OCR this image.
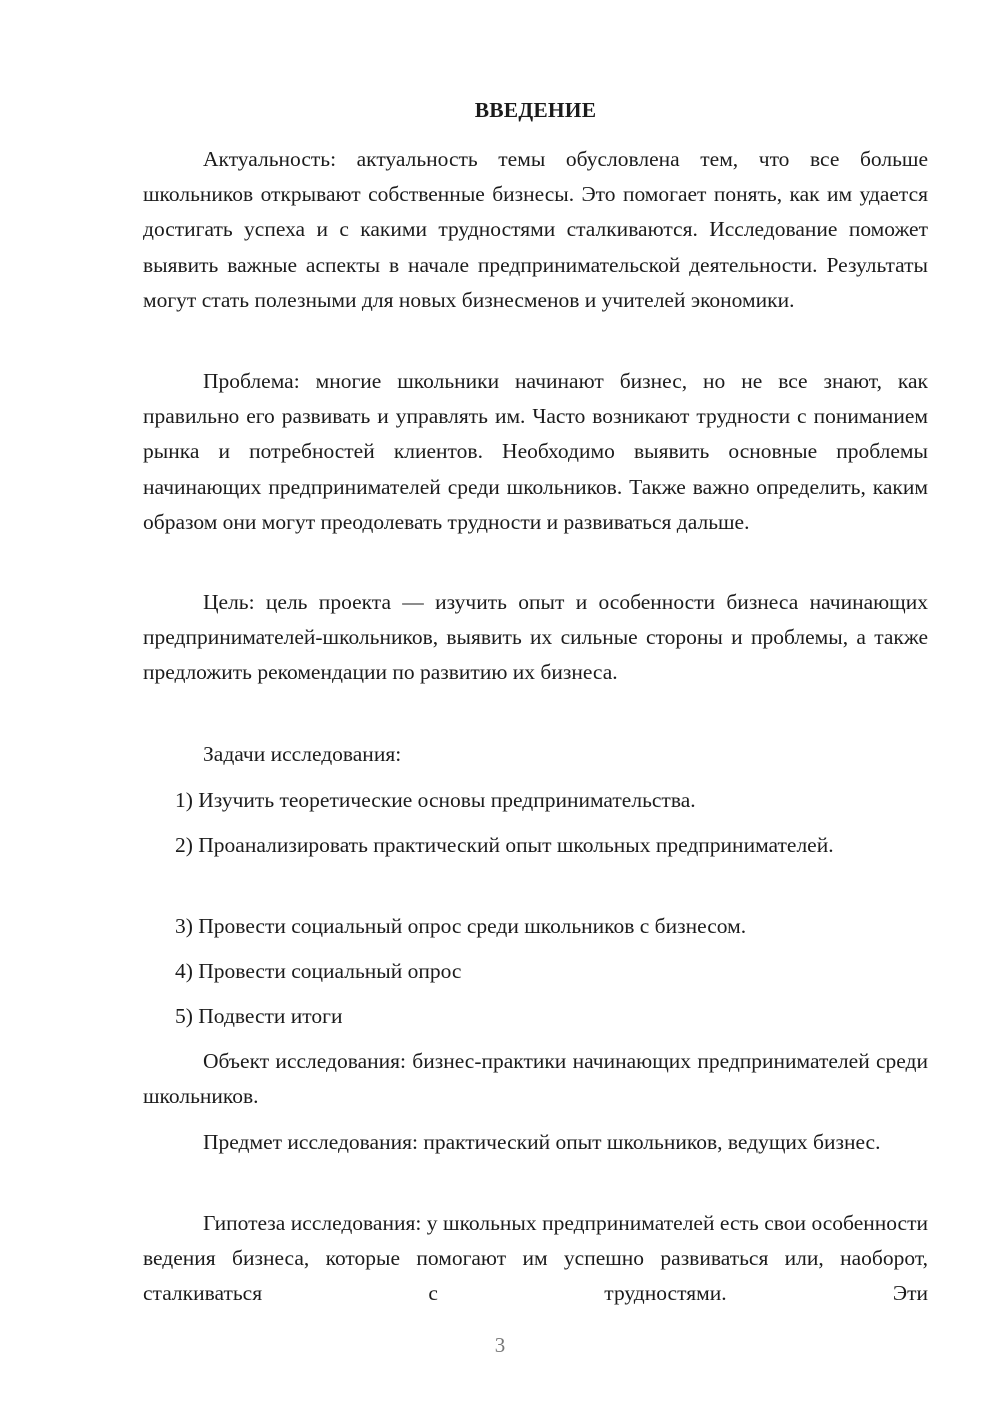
ВВЕДЕНИЕ

Актуальность: актуальность темы обусловлена тем, что все больше школьников открывают собственные бизнесы. Это помогает понять, как им удается достигать успеха и с какими трудностями сталкиваются. Исследование поможет выявить важные аспекты в начале предпринимательской деятельности. Результаты могут стать полезными для новых бизнесменов и учителей экономики.

Проблема: многие школьники начинают бизнес, но не все знают, как правильно его развивать и управлять им. Часто возникают трудности с пониманием рынка и потребностей клиентов. Необходимо выявить основные проблемы начинающих предпринимателей среди школьников. Также важно определить, каким образом они могут преодолевать трудности и развиваться дальше.

Цель: цель проекта — изучить опыт и особенности бизнеса начинающих предпринимателей-школьников, выявить их сильные стороны и проблемы, а также предложить рекомендации по развитию их бизнеса.

Задачи исследования:

1) Изучить теоретические основы предпринимательства.

2) Проанализировать практический опыт школьных предпринимателей.

3) Провести социальный опрос среди школьников с бизнесом.

4) Провести социальный опрос

5) Подвести итоги

Объект исследования: бизнес-практики начинающих предпринимателей среди школьников.

Предмет исследования: практический опыт школьников, ведущих бизнес.

Гипотеза исследования: у школьных предпринимателей есть свои особенности ведения бизнеса, которые помогают им успешно развиваться или, наоборот, сталкиваться с трудностями. Эти

3
